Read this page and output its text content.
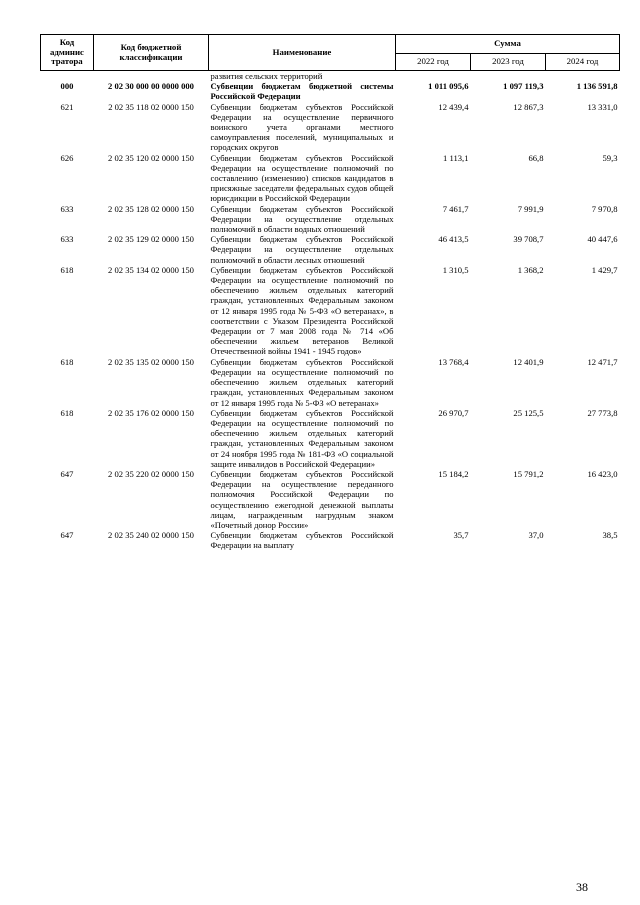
Код админис тратора	Код бюджетной классификации	Наименование	Сумма		
			2022 год	2023 год	2024 год
		развития сельских территорий			
000	2 02 30 000 00 0000 000	Субвенции бюджетам бюджетной системы Российской Федерации	1 011 095,6	1 097 119,3	1 136 591,8
621	2 02 35 118 02 0000 150	Субвенции бюджетам субъектов Российской Федерации на осуществление первичного воинского учета органами местного самоуправления поселений, муниципальных и городских округов	12 439,4	12 867,3	13 331,0
626	2 02 35 120 02 0000 150	Субвенции бюджетам субъектов Российской Федерации на осуществление полномочий по составлению (изменению) списков кандидатов в присяжные заседатели федеральных судов общей юрисдикции в Российской Федерации	1 113,1	66,8	59,3
633	2 02 35 128 02 0000 150	Субвенции бюджетам субъектов Российской Федерации на осуществление отдельных полномочий в области водных отношений	7 461,7	7 991,9	7 970,8
633	2 02 35 129 02 0000 150	Субвенции бюджетам субъектов Российской Федерации на осуществление отдельных полномочий в области лесных отношений	46 413,5	39 708,7	40 447,6
618	2 02 35 134 02 0000 150	Субвенции бюджетам субъектов Российской Федерации на осуществление полномочий по обеспечению жильем отдельных категорий граждан, установленных Федеральным законом от 12 января 1995 года № 5-ФЗ «О ветеранах», в соответствии с Указом Президента Российской Федерации от 7 мая 2008 года № 714 «Об обеспечении жильем ветеранов Великой Отечественной войны 1941 - 1945 годов»	1 310,5	1 368,2	1 429,7
618	2 02 35 135 02 0000 150	Субвенции бюджетам субъектов Российской Федерации на осуществление полномочий по обеспечению жильем отдельных категорий граждан, установленных Федеральным законом от 12 января 1995 года № 5-ФЗ «О ветеранах»	13 768,4	12 401,9	12 471,7
618	2 02 35 176 02 0000 150	Субвенции бюджетам субъектов Российской Федерации на осуществление полномочий по обеспечению жильем отдельных категорий граждан, установленных Федеральным законом от 24 ноября 1995 года № 181-ФЗ «О социальной защите инвалидов в Российской Федерации»	26 970,7	25 125,5	27 773,8
647	2 02 35 220 02 0000 150	Субвенции бюджетам субъектов Российской Федерации на осуществление переданного полномочия Российской Федерации по осуществлению ежегодной денежной выплаты лицам, награжденным нагрудным знаком «Почетный донор России»	15 184,2	15 791,2	16 423,0
647	2 02 35 240 02 0000 150	Субвенции бюджетам субъектов Российской Федерации на выплату	35,7	37,0	38,5
38
